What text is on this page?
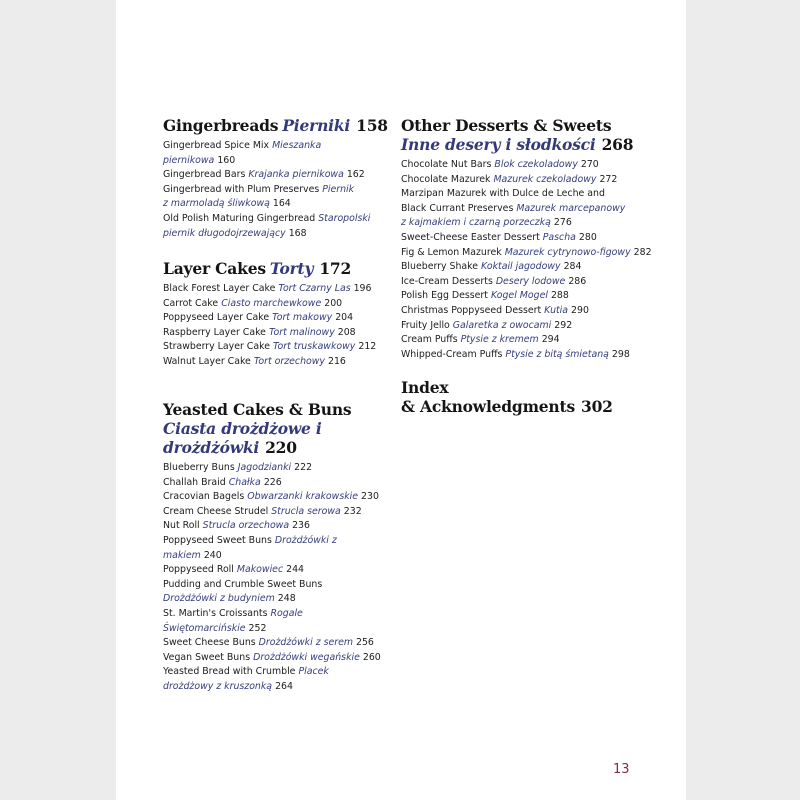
Gingerbreads Pierniki 158
Gingerbread Spice Mix Mieszanka piernikowa 160
Gingerbread Bars Krajanka piernikowa 162
Gingerbread with Plum Preserves Piernik
z marmoladą śliwkową 164
Old Polish Maturing Gingerbread Staropolski
piernik długodojrzewający 168
Layer Cakes Torty 172
Black Forest Layer Cake Tort Czarny Las 196
Carrot Cake Ciasto marchewkowe 200
Poppyseed Layer Cake Tort makowy 204
Raspberry Layer Cake Tort malinowy 208
Strawberry Layer Cake Tort truskawkowy 212
Walnut Layer Cake Tort orzechowy 216
Yeasted Cakes & Buns
Ciasta drożdżowe i drożdżówki 220
Blueberry Buns Jagodzianki 222
Challah Braid Chałka 226
Cracovian Bagels Obwarzanki krakowskie 230
Cream Cheese Strudel Strucla serowa 232
Nut Roll Strucla orzechowa 236
Poppyseed Sweet Buns Drożdżówki z makiem 240
Poppyseed Roll Makowiec 244
Pudding and Crumble Sweet Buns
Drożdżówki z budyniem 248
St. Martin's Croissants Rogale Świętomarcińskie 252
Sweet Cheese Buns Drożdżówki z serem 256
Vegan Sweet Buns Drożdżówki wegańskie 260
Yeasted Bread with Crumble Placek
drożdżowy z kruszonką 264
Other Desserts & Sweets
Inne desery i słodkości 268
Chocolate Nut Bars Blok czekoladowy 270
Chocolate Mazurek Mazurek czekoladowy 272
Marzipan Mazurek with Dulce de Leche and
Black Currant Preserves Mazurek marcepanowy
z kajmakiem i czarną porzeczką 276
Sweet-Cheese Easter Dessert Pascha 280
Fig & Lemon Mazurek Mazurek cytrynowo-figowy 282
Blueberry Shake Koktail jagodowy 284
Ice-Cream Desserts Desery lodowe 286
Polish Egg Dessert Kogel Mogel 288
Christmas Poppyseed Dessert Kutia 290
Fruity Jello Galaretka z owocami 292
Cream Puffs Ptysie z kremem 294
Whipped-Cream Puffs Ptysie z bitą śmietaną 298
Index
& Acknowledgments 302
13
